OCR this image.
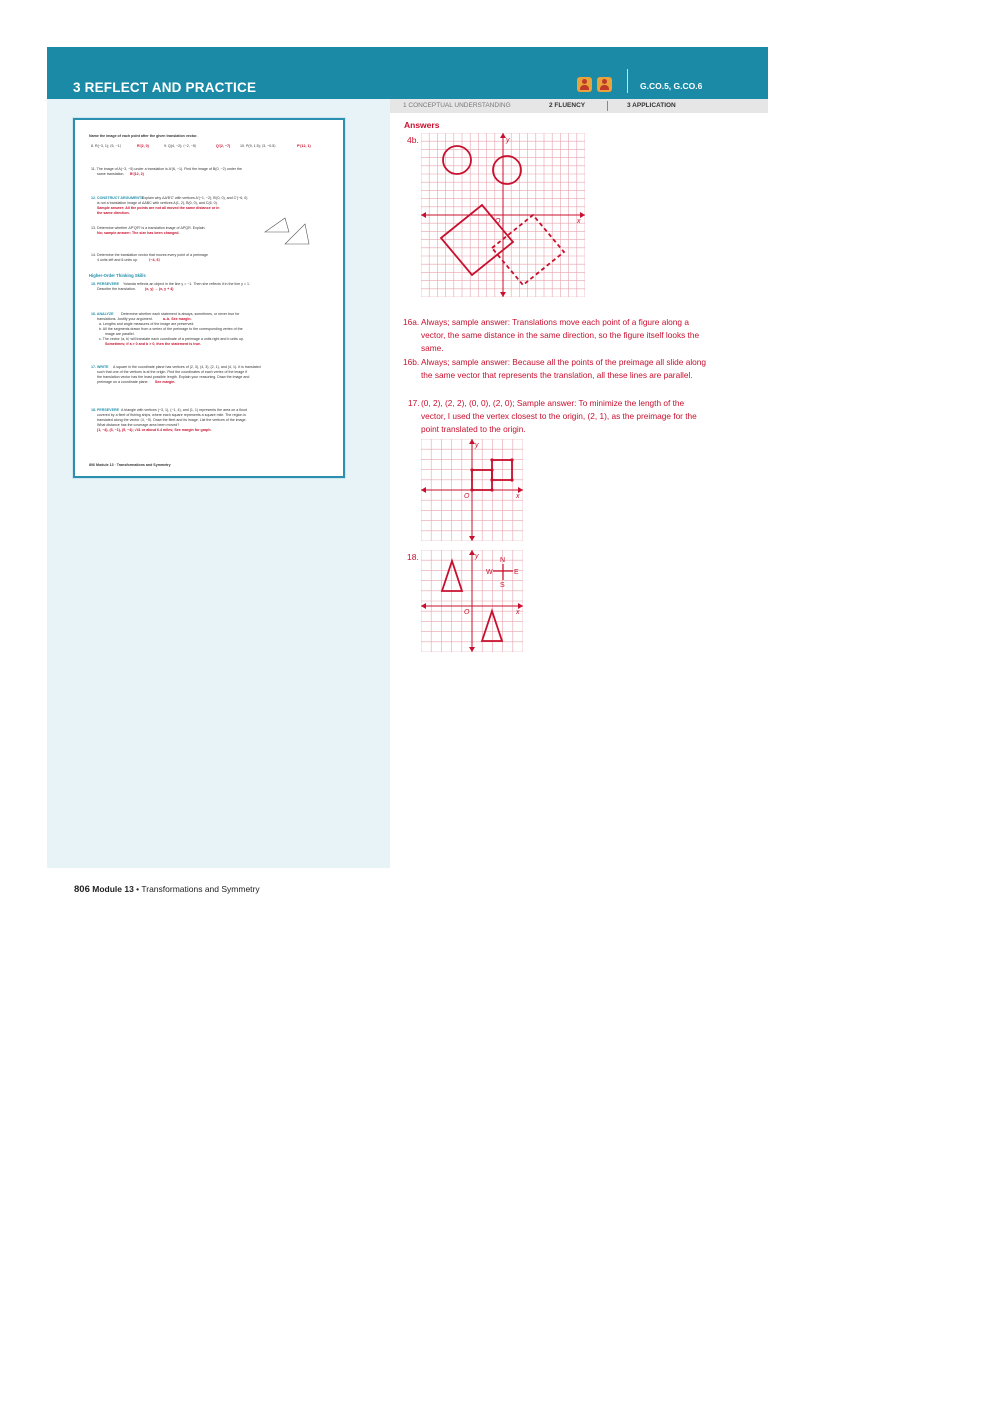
3 REFLECT AND PRACTICE	G.CO.5, G.CO.6
Name the image of each point after the given translation vector.
8. R(−3, 1); ⟨5, −1⟩	R′(2, 0)	9. Q(4, −2); ⟨−2, −5⟩	Q′(2, −7)	10. P(9, 1.5); ⟨3, −0.5⟩	P′(12, 1)
11. The image of A(−3, −5) under a translation is A′(6, −1). Find the image of B(0, −2) under the
same translation. B′(12, 2)
12. CONSTRUCT ARGUMENTS
Explain why ΔA′B′C′ with vertices A′(−1, −2), B′(0, 0), and C′(−6, 0)
is not a translation image of ΔABC with vertices A(1, 2), B(0, 0), and C(6, 0).
Sample answer: All the points are not all moved the same distance or in
the same direction.
13. Determine whether ΔP′Q′R′ is a translation image of ΔPQR. Explain.
No; sample answer: The size has been changed.
14. Determine the translation vector that moves every point of a preimage
4 units left and 6 units up.	⟨−4, 6⟩
Higher-Order Thinking Skills
15. PERSEVERE Yolanda reflects an object in the line y = −1. Then she reflects it in the line y = 1.
Describe the translation.	(x, y) → (x, y + 4)
16. ANALYZE Determine whether each statement is always, sometimes, or never true for
translations. Justify your argument.	a–b. See margin.
a. Lengths and angle measures of the image are preserved.
b. All the segments drawn from a vertex of the preimage to the corresponding vertex of the
image are parallel.
c. The vector ⟨a, b⟩ will translate each coordinate of a preimage a units right and b units up.
Sometimes; if a > 0 and b > 0, then the statement is true.
17. WRITE A square in the coordinate plane has vertices of (2, 3), (4, 3), (2, 1), and (4, 1). It is translated
such that one of the vertices is at the origin. Find the coordinates of each vertex of the image if
the translation vector has the least possible length. Explain your reasoning. Draw the image and
preimage on a coordinate plane. See margin.
18. PERSEVERE A triangle with vertices (−3, 1), (−1, 4), and (1, 1) represents the area on a flood
covered by a fleet of fishing ships, where each square represents a square mile. The region is
translated along the vector ⟨4, −5⟩. Draw the fleet and its image. List the vertices of the image.
What distance has the coverage area been moved?
(1, −4), (3, −1), (5, −4); √41 or about 6.4 miles; See margin for graph.
806 Module 13 · Transformations and Symmetry
1 CONCEPTUAL UNDERSTANDING	2 FLUENCY	3 APPLICATION
Answers
4b.	y
x
O
16a. Always; sample answer: Translations move each point of a figure along a vector, the same distance in the same direction, so the figure itself looks the same.
16b. Always; sample answer: Because all the points of the preimage all slide along the same vector that represents the translation, all these lines are parallel.
17. (0, 2), (2, 2), (0, 0), (2, 0); Sample answer: To minimize the length of the vector, I used the vertex closest to the origin, (2, 1), as the preimage for the point translated to the origin.
y
x
O
18.	y
x
O
N
S
E
W
806 Module 13 • Transformations and Symmetry
